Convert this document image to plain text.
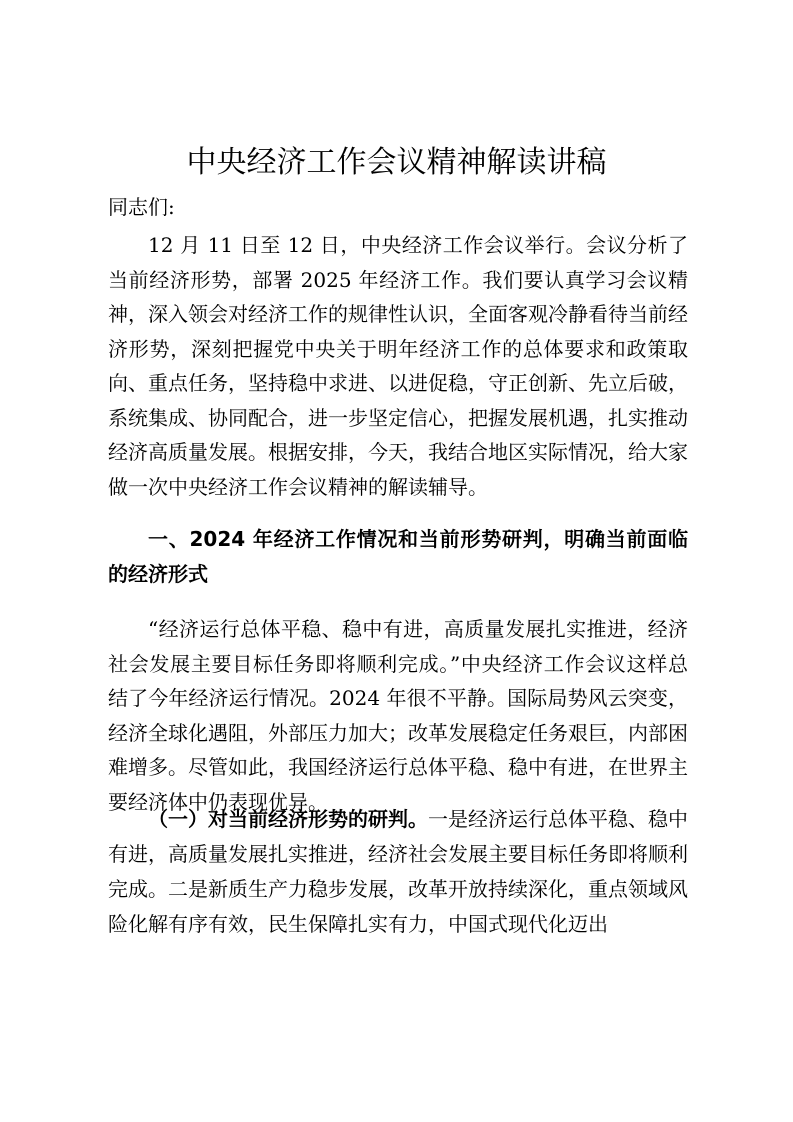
中央经济工作会议精神解读讲稿

同志们:

12 月 11 日至 12 日，中央经济工作会议举行。会议分析了当前经济形势，部署 2025 年经济工作。我们要认真学习会议精神，深入领会对经济工作的规律性认识，全面客观冷静看待当前经济形势，深刻把握党中央关于明年经济工作的总体要求和政策取向、重点任务，坚持稳中求进、以进促稳，守正创新、先立后破，系统集成、协同配合，进一步坚定信心，把握发展机遇，扎实推动经济高质量发展。根据安排，今天，我结合地区实际情况，给大家做一次中央经济工作会议精神的解读辅导。

一、2024 年经济工作情况和当前形势研判，明确当前面临的经济形式

“经济运行总体平稳、稳中有进，高质量发展扎实推进，经济社会发展主要目标任务即将顺利完成。”中央经济工作会议这样总结了今年经济运行情况。2024 年很不平静。国际局势风云突变，经济全球化遇阻，外部压力加大；改革发展稳定任务艰巨，内部困难增多。尽管如此，我国经济运行总体平稳、稳中有进，在世界主要经济体中仍表现优异。

（一）对当前经济形势的研判。一是经济运行总体平稳、稳中有进，高质量发展扎实推进，经济社会发展主要目标任务即将顺利完成。二是新质生产力稳步发展，改革开放持续深化，重点领域风险化解有序有效，民生保障扎实有力，中国式现代化迈出
